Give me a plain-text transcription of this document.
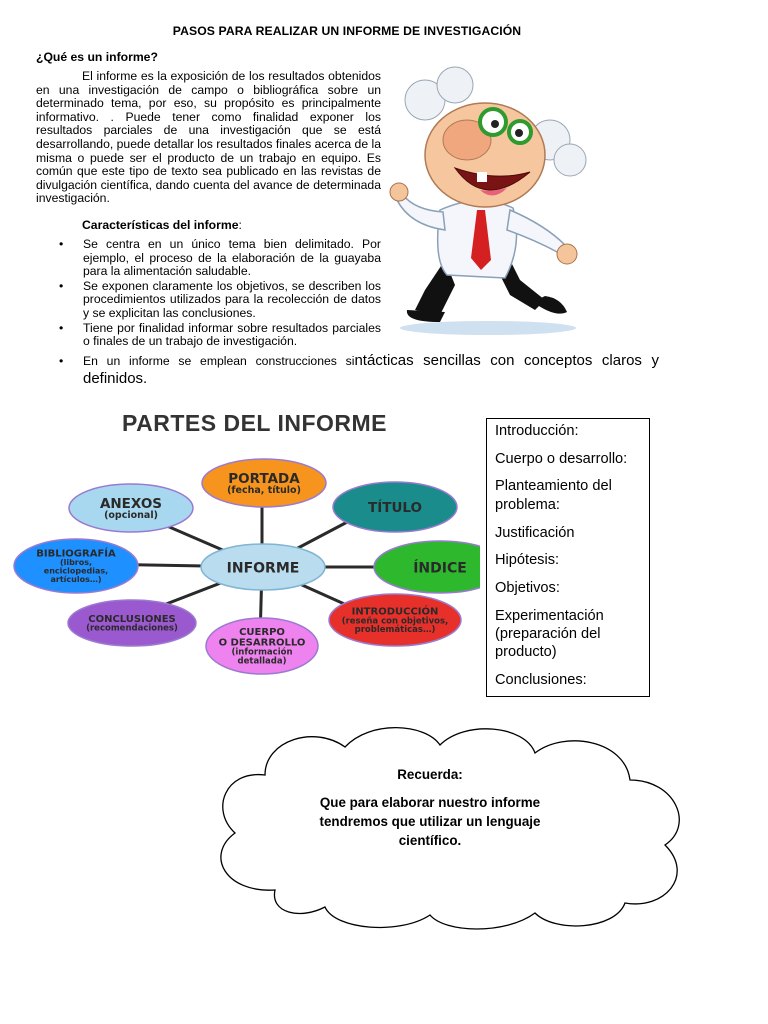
PASOS PARA REALIZAR UN INFORME DE INVESTIGACIÓN
¿Qué es un informe?

El informe es la exposición de los resultados obtenidos en una investigación de campo o bibliográfica sobre un determinado tema, por eso, su propósito es principalmente informativo. . Puede tener como finalidad exponer los resultados parciales de una investigación que se está desarrollando, puede detallar los resultados finales acerca de la misma o puede ser el producto de un trabajo en equipo. Es común que este tipo de texto sea publicado en las revistas de divulgación científica, dando cuenta del avance de determinada investigación.

Características del informe:
• Se centra en un único tema bien delimitado. Por ejemplo, el proceso de la elaboración de la guayaba para la alimentación saludable.
• Se exponen claramente los objetivos, se describen los procedimientos utilizados para la recolección de datos y se explicitan las conclusiones.
• Tiene por finalidad informar sobre resultados parciales o finales de un trabajo de investigación.
• En un informe se emplean construcciones sintácticas sencillas con conceptos claros y definidos.
PARTES DEL INFORME
PORTADA
(fecha, título)
TÍTULO
ÍNDICE
INTRODUCCIÓN
(reseña con objetivos,
problemáticas…)
CUERPO
O DESARROLLO
(información
detallada)
CONCLUSIONES
(recomendaciones)
BIBLIOGRAFÍA
(libros,
enciclopedias,
artículos…)
ANEXOS
(opcional)
INFORME

Introducción:

Cuerpo o desarrollo:

Planteamiento del problema:

Justificación

Hipótesis:

Objetivos:

Experimentación (preparación del producto)

Conclusiones:

Recuerda:
Que para elaborar nuestro informe tendremos que utilizar un lenguaje científico.
